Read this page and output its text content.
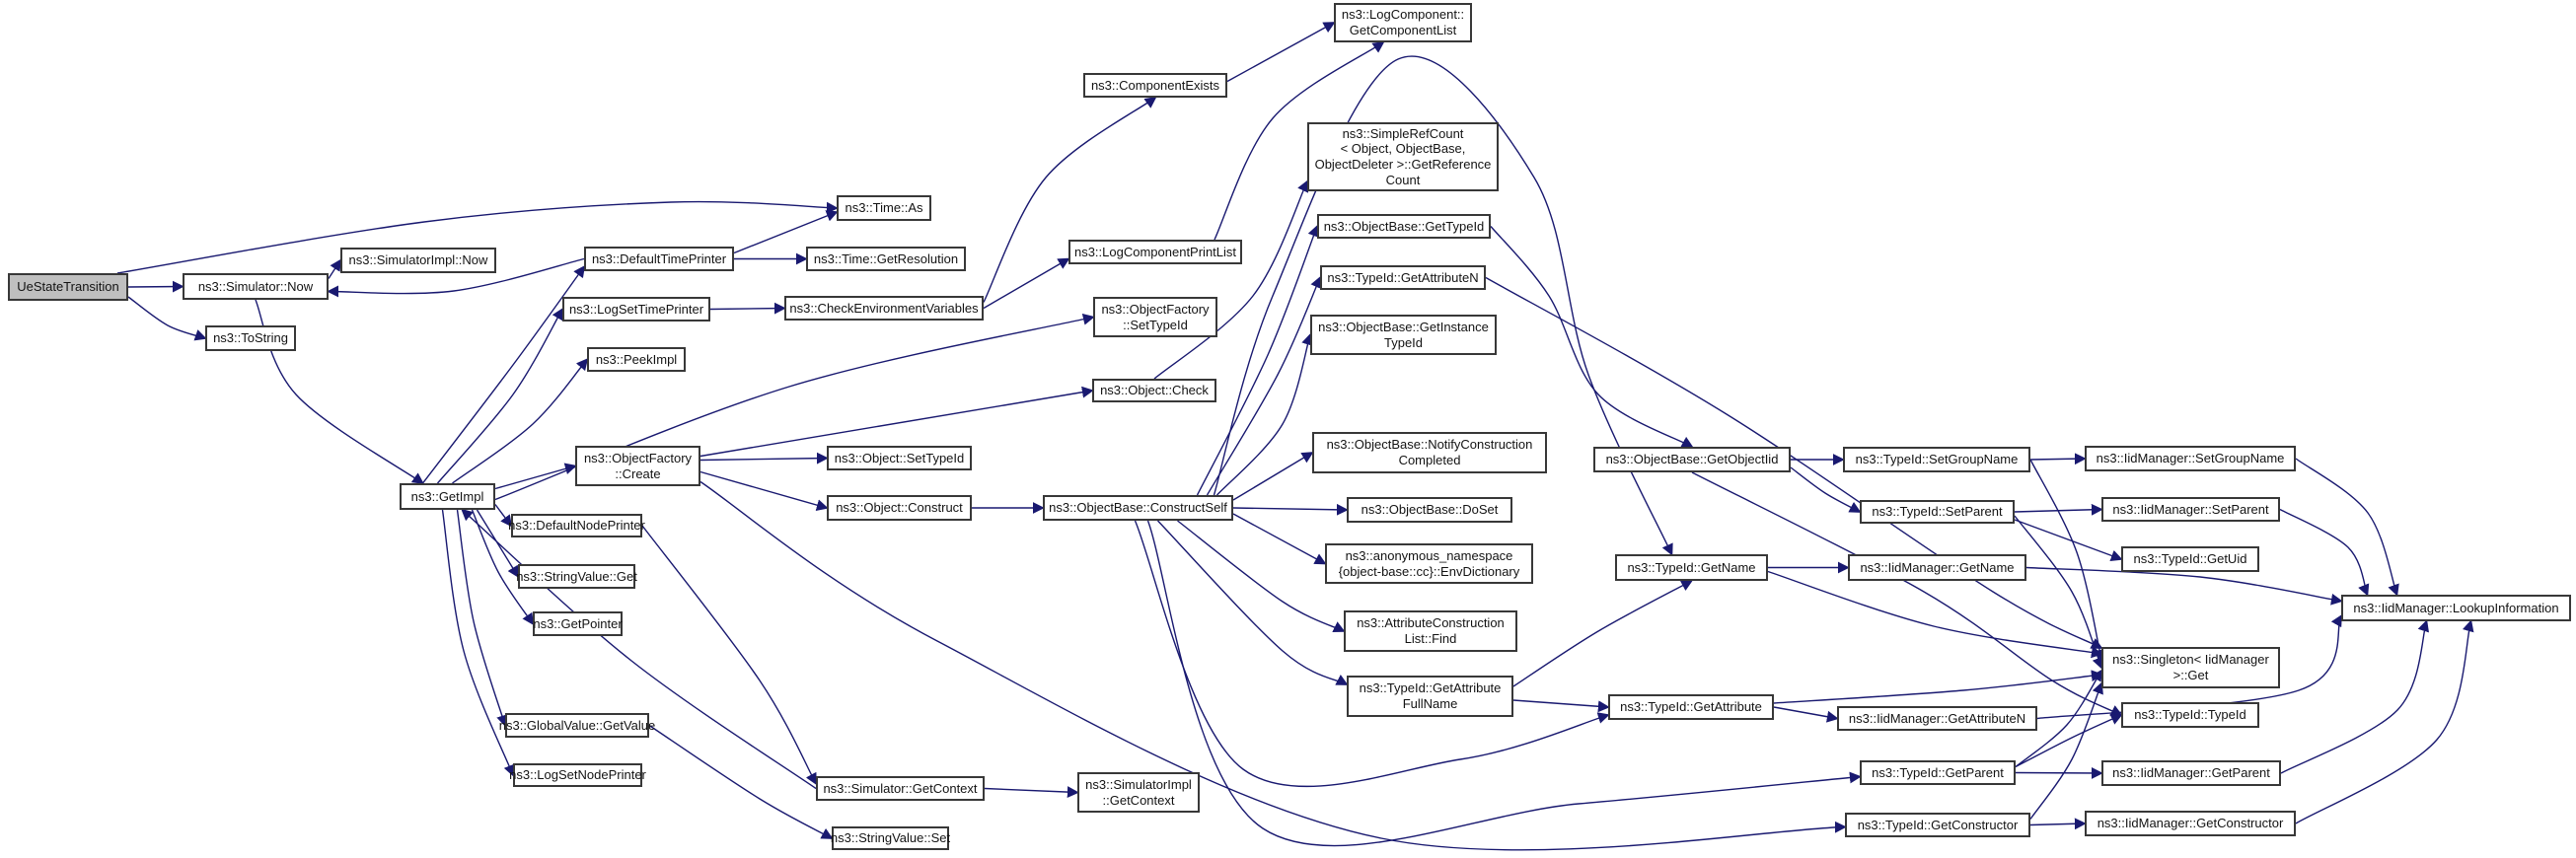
UeStateTransition	ns3::Simulator::Now
ns3::ToString
ns3::SimulatorImpl::Now
ns3::Time::As
ns3::DefaultTimePrinter	ns3::Time::GetResolution
ns3::LogSetTimePrinter	ns3::CheckEnvironmentVariables
ns3::PeekImpl
ns3::GetImpl
ns3::ObjectFactory
::Create
ns3::DefaultNodePrinter
ns3::StringValue::Get
ns3::GetPointer
ns3::GlobalValue::GetValue
ns3::LogSetNodePrinter
ns3::Simulator::GetContext
ns3::StringValue::Set
ns3::SimulatorImpl
::GetContext
ns3::Object::SetTypeId
ns3::Object::Construct	ns3::ObjectBase::ConstructSelf
ns3::ComponentExists
ns3::LogComponent::
GetComponentList
ns3::LogComponentPrintList
ns3::ObjectFactory
::SetTypeId
ns3::Object::Check
ns3::SimpleRefCount
< Object, ObjectBase,
ObjectDeleter >::GetReference
Count
ns3::ObjectBase::GetTypeId
ns3::TypeId::GetAttributeN
ns3::ObjectBase::GetInstance
TypeId
ns3::ObjectBase::NotifyConstruction
Completed
ns3::ObjectBase::DoSet
ns3::anonymous_namespace
{object-base::cc}::EnvDictionary
ns3::AttributeConstruction
List::Find
ns3::TypeId::GetAttribute
FullName
ns3::ObjectBase::GetObjectIid
ns3::TypeId::GetName	ns3::IidManager::GetName
ns3::TypeId::GetAttribute
ns3::IidManager::GetAttributeN
ns3::TypeId::GetParent
ns3::TypeId::GetConstructor
ns3::TypeId::SetGroupName
ns3::TypeId::SetParent
ns3::IidManager::SetGroupName
ns3::IidManager::SetParent
ns3::TypeId::GetUid
ns3::IidManager::LookupInformation
ns3::Singleton< IidManager
>::Get
ns3::TypeId::TypeId
ns3::IidManager::GetParent
ns3::IidManager::GetConstructor
